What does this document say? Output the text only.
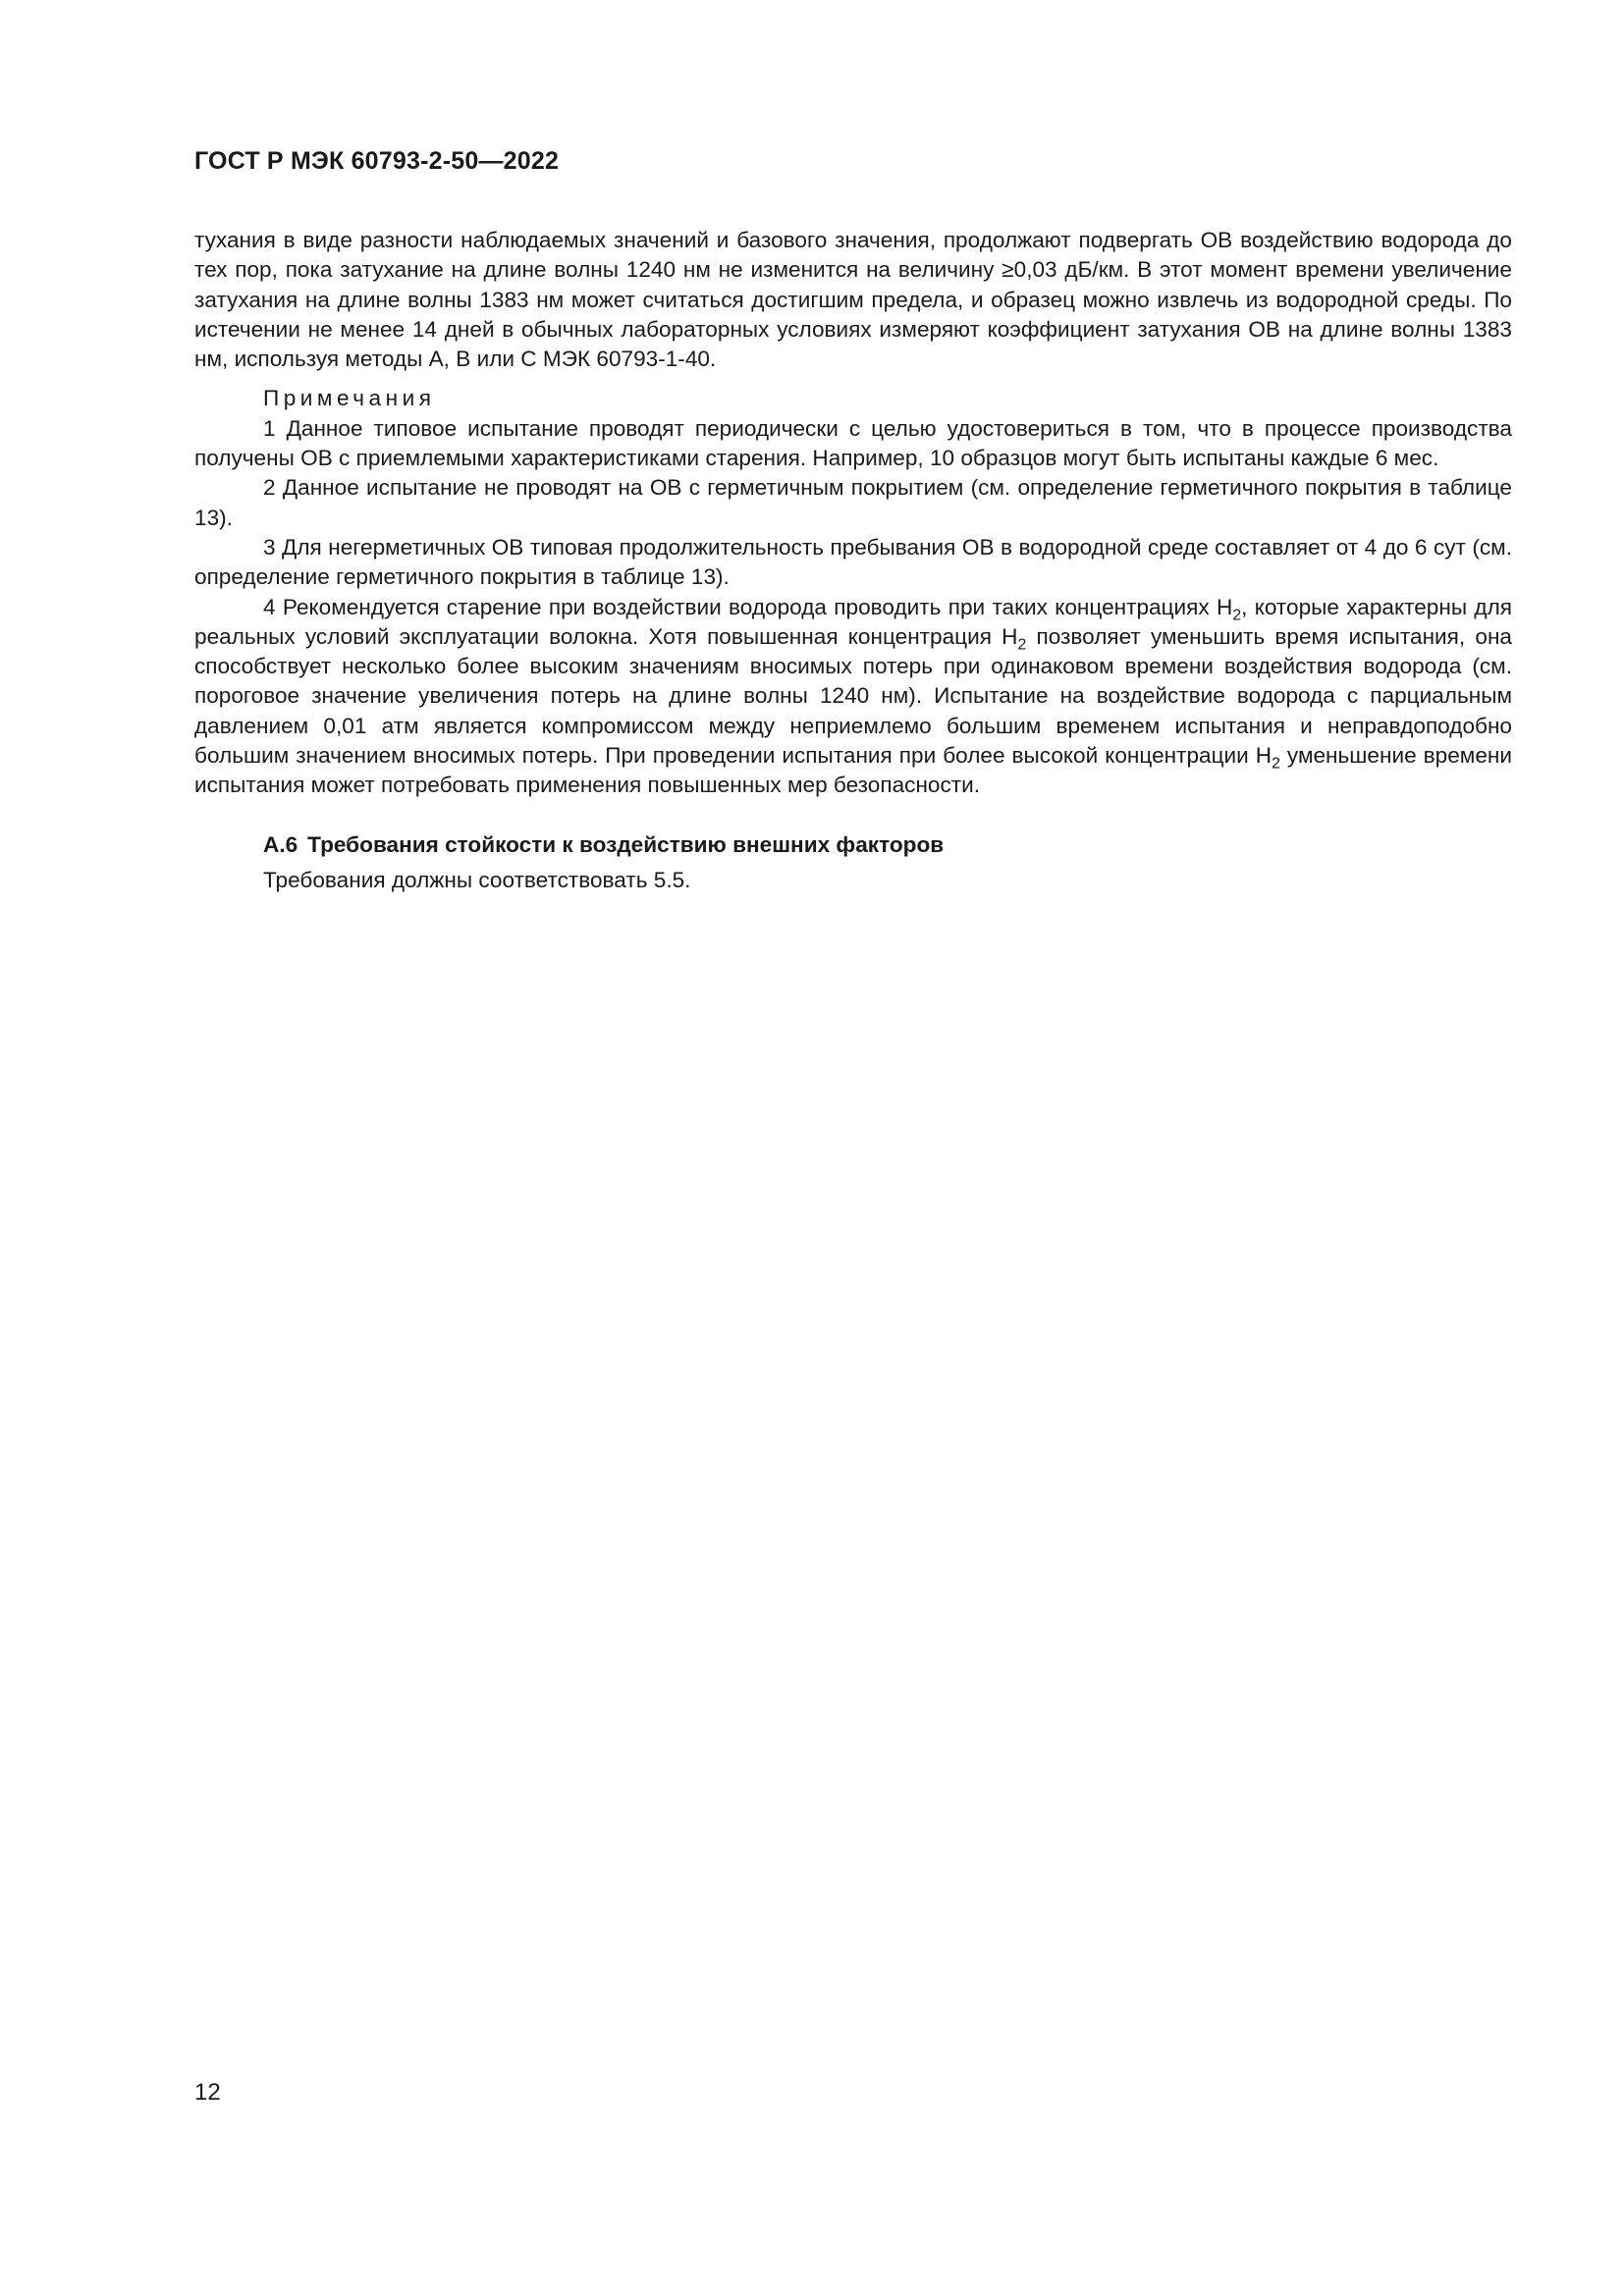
ГОСТ Р МЭК 60793-2-50—2022

тухания в виде разности наблюдаемых значений и базового значения, продолжают подвергать ОВ воздействию водорода до тех пор, пока затухание на длине волны 1240 нм не изменится на величину ≥0,03 дБ/км. В этот момент времени увеличение затухания на длине волны 1383 нм может считаться достигшим предела, и образец можно извлечь из водородной среды. По истечении не менее 14 дней в обычных лабораторных условиях измеряют коэффициент затухания ОВ на длине волны 1383 нм, используя методы А, В или С МЭК 60793-1-40.

Примечания

1 Данное типовое испытание проводят периодически с целью удостовериться в том, что в процессе производства получены ОВ с приемлемыми характеристиками старения. Например, 10 образцов могут быть испытаны каждые 6 мес.

2 Данное испытание не проводят на ОВ с герметичным покрытием (см. определение герметичного покрытия в таблице 13).

3 Для негерметичных ОВ типовая продолжительность пребывания ОВ в водородной среде составляет от 4 до 6 сут (см. определение герметичного покрытия в таблице 13).

4 Рекомендуется старение при воздействии водорода проводить при таких концентрациях $H_2$, которые характерны для реальных условий эксплуатации волокна. Хотя повышенная концентрация $H_2$ позволяет уменьшить время испытания, она способствует несколько более высоким значениям вносимых потерь при одинаковом времени воздействия водорода (см. пороговое значение увеличения потерь на длине волны 1240 нм). Испытание на воздействие водорода с парциальным давлением 0,01 атм является компромиссом между неприемлемо большим временем испытания и неправдоподобно большим значением вносимых потерь. При проведении испытания при более высокой концентрации $H_2$ уменьшение времени испытания может потребовать применения повышенных мер безопасности.

А.6 Требования стойкости к воздействию внешних факторов

Требования должны соответствовать 5.5.

12
